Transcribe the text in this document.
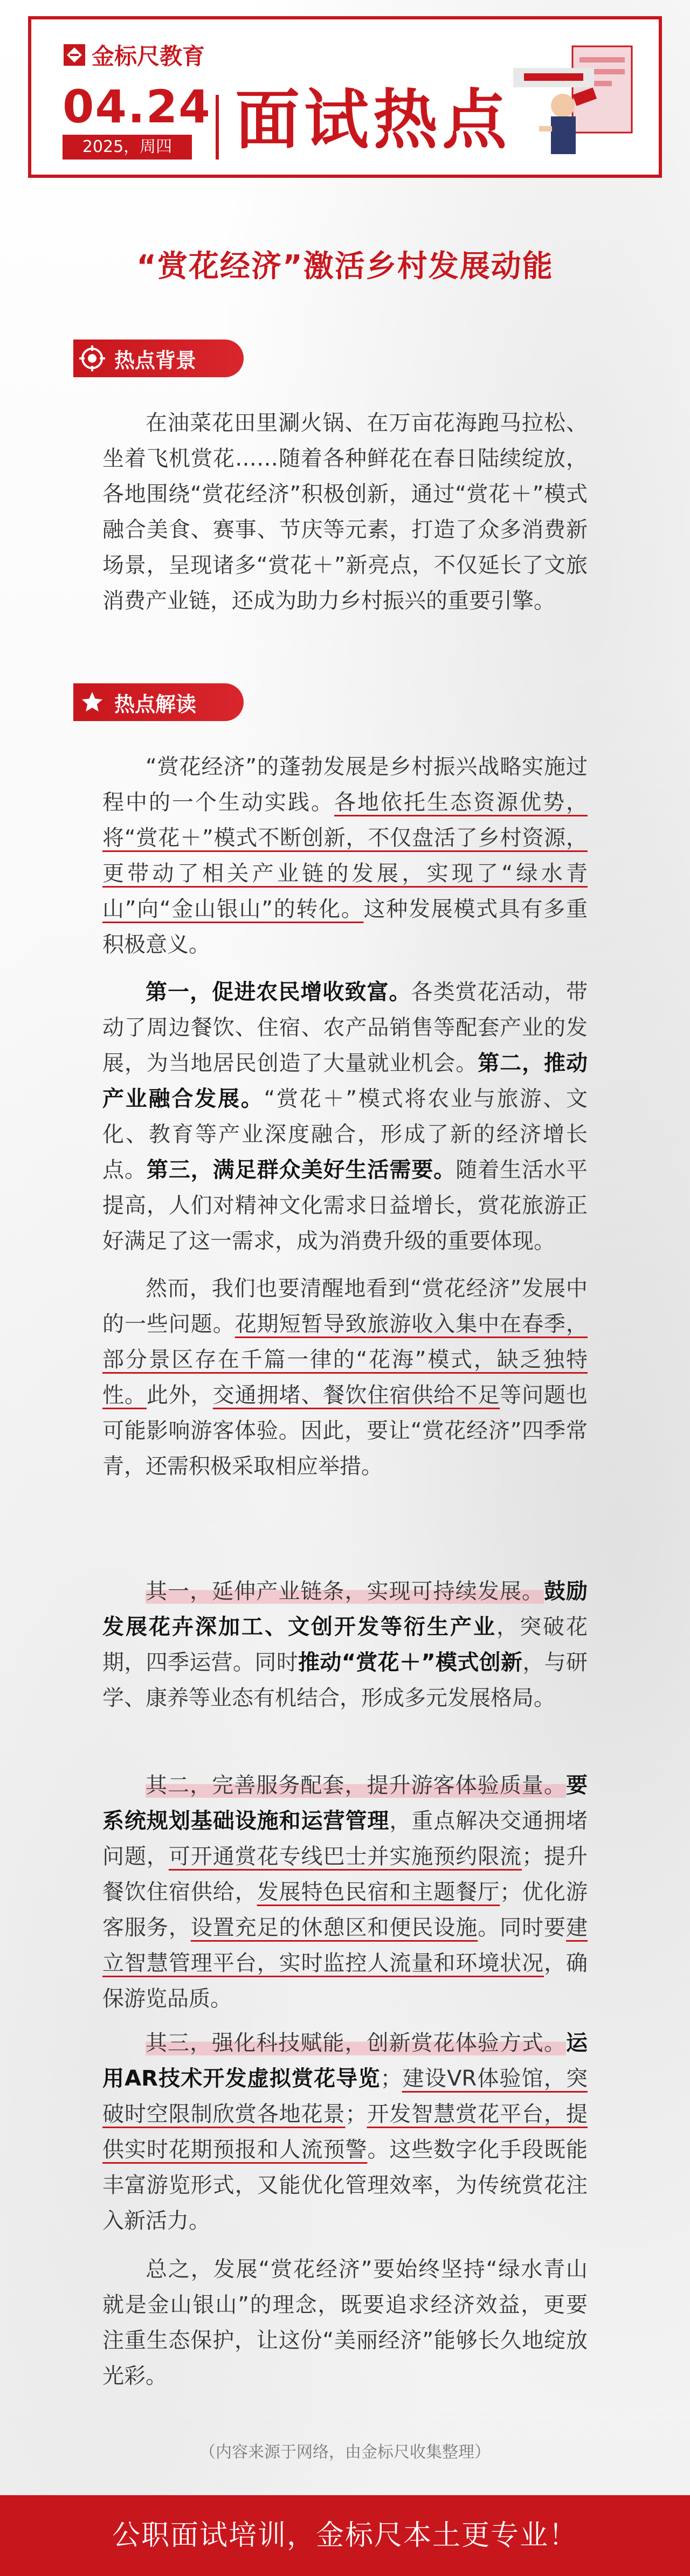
金标尺教育
04.24
2025，周四 面试热点
“赏花经济”激活乡村发展动能
热点背景
在油菜花田里涮火锅、在万亩花海跑马拉松、坐着飞机赏花……随着各种鲜花在春日陆续绽放，各地围绕“赏花经济”积极创新，通过“赏花＋”模式融合美食、赛事、节庆等元素，打造了众多消费新场景，呈现诸多“赏花＋”新亮点，不仅延长了文旅消费产业链，还成为助力乡村振兴的重要引擎。
热点解读
“赏花经济”的蓬勃发展是乡村振兴战略实施过程中的一个生动实践。各地依托生态资源优势，将“赏花＋”模式不断创新，不仅盘活了乡村资源，更带动了相关产业链的发展，实现了“绿水青山”向“金山银山”的转化。这种发展模式具有多重积极意义。
第一，促进农民增收致富。各类赏花活动，带动了周边餐饮、住宿、农产品销售等配套产业的发展，为当地居民创造了大量就业机会。第二，推动产业融合发展。“赏花＋”模式将农业与旅游、文化、教育等产业深度融合，形成了新的经济增长点。第三，满足群众美好生活需要。随着生活水平提高，人们对精神文化需求日益增长，赏花旅游正好满足了这一需求，成为消费升级的重要体现。
然而，我们也要清醒地看到“赏花经济”发展中的一些问题。花期短暂导致旅游收入集中在春季，部分景区存在千篇一律的“花海”模式，缺乏独特性。此外，交通拥堵、餐饮住宿供给不足等问题也可能影响游客体验。因此，要让“赏花经济”四季常青，还需积极采取相应举措。
其一，延伸产业链条，实现可持续发展。鼓励发展花卉深加工、文创开发等衍生产业，突破花期，四季运营。同时推动“赏花＋”模式创新，与研学、康养等业态有机结合，形成多元发展格局。
其二，完善服务配套，提升游客体验质量。要系统规划基础设施和运营管理，重点解决交通拥堵问题，可开通赏花专线巴士并实施预约限流；提升餐饮住宿供给，发展特色民宿和主题餐厅；优化游客服务，设置充足的休憩区和便民设施。同时要建立智慧管理平台，实时监控人流量和环境状况，确保游览品质。
其三，强化科技赋能，创新赏花体验方式。运用AR技术开发虚拟赏花导览；建设VR体验馆，突破时空限制欣赏各地花景；开发智慧赏花平台，提供实时花期预报和人流预警。这些数字化手段既能丰富游览形式，又能优化管理效率，为传统赏花注入新活力。
总之，发展“赏花经济”要始终坚持“绿水青山就是金山银山”的理念，既要追求经济效益，更要注重生态保护，让这份“美丽经济”能够长久地绽放光彩。
（内容来源于网络，由金标尺收集整理）
公职面试培训，金标尺本土更专业！
